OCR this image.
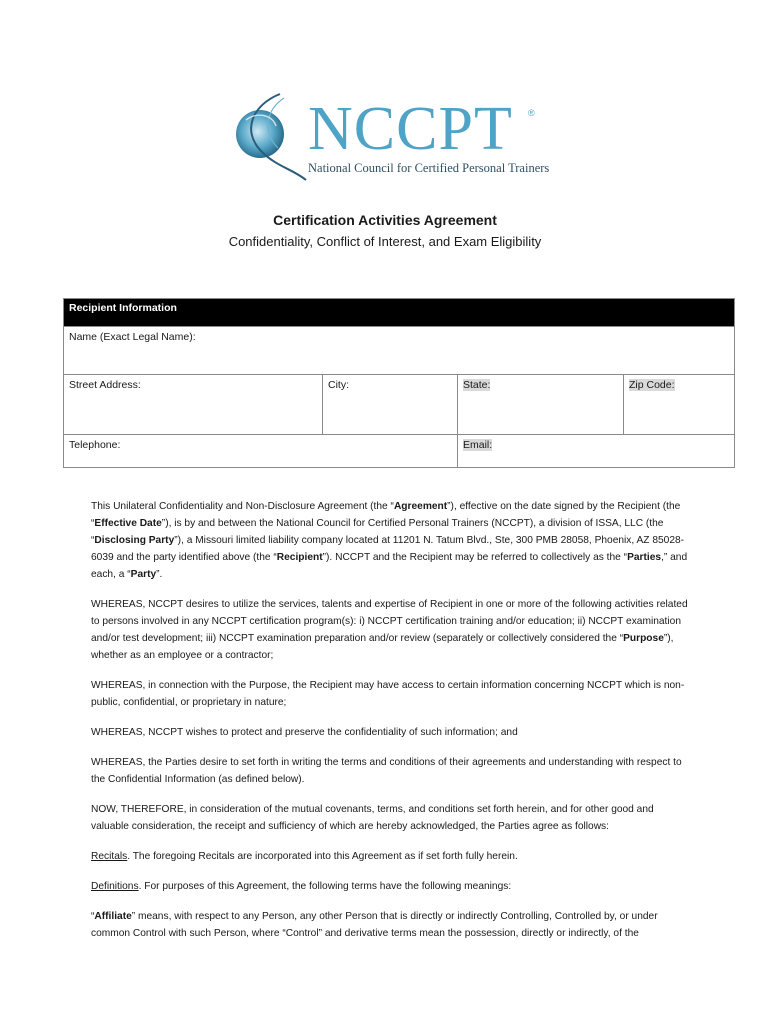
NCCPT ®
National Council for Certified Personal Trainers
Certification Activities Agreement
Confidentiality, Conflict of Interest, and Exam Eligibility
Recipient Information			
Name (Exact Legal Name):			
Street Address:	City:	State:	Zip Code:
Telephone:		Email:	

This Unilateral Confidentiality and Non-Disclosure Agreement (the “Agreement”), effective on the date signed by the Recipient (the “Effective Date”), is by and between the National Council for Certified Personal Trainers (NCCPT), a division of ISSA, LLC (the “Disclosing Party”), a Missouri limited liability company located at 11201 N. Tatum Blvd., Ste, 300 PMB 28058, Phoenix, AZ 85028-6039 and the party identified above (the “Recipient”). NCCPT and the Recipient may be referred to collectively as the “Parties,” and each, a “Party”.

WHEREAS, NCCPT desires to utilize the services, talents and expertise of Recipient in one or more of the following activities related to persons involved in any NCCPT certification program(s): i) NCCPT certification training and/or education; ii) NCCPT examination and/or test development; iii) NCCPT examination preparation and/or review (separately or collectively considered the “Purpose”), whether as an employee or a contractor;

WHEREAS, in connection with the Purpose, the Recipient may have access to certain information concerning NCCPT which is non-public, confidential, or proprietary in nature;

WHEREAS, NCCPT wishes to protect and preserve the confidentiality of such information; and

WHEREAS, the Parties desire to set forth in writing the terms and conditions of their agreements and understanding with respect to the Confidential Information (as defined below).

NOW, THEREFORE, in consideration of the mutual covenants, terms, and conditions set forth herein, and for other good and valuable consideration, the receipt and sufficiency of which are hereby acknowledged, the Parties agree as follows:

Recitals. The foregoing Recitals are incorporated into this Agreement as if set forth fully herein.

Definitions. For purposes of this Agreement, the following terms have the following meanings:

“Affiliate” means, with respect to any Person, any other Person that is directly or indirectly Controlling, Controlled by, or under common Control with such Person, where “Control” and derivative terms mean the possession, directly or indirectly, of the
